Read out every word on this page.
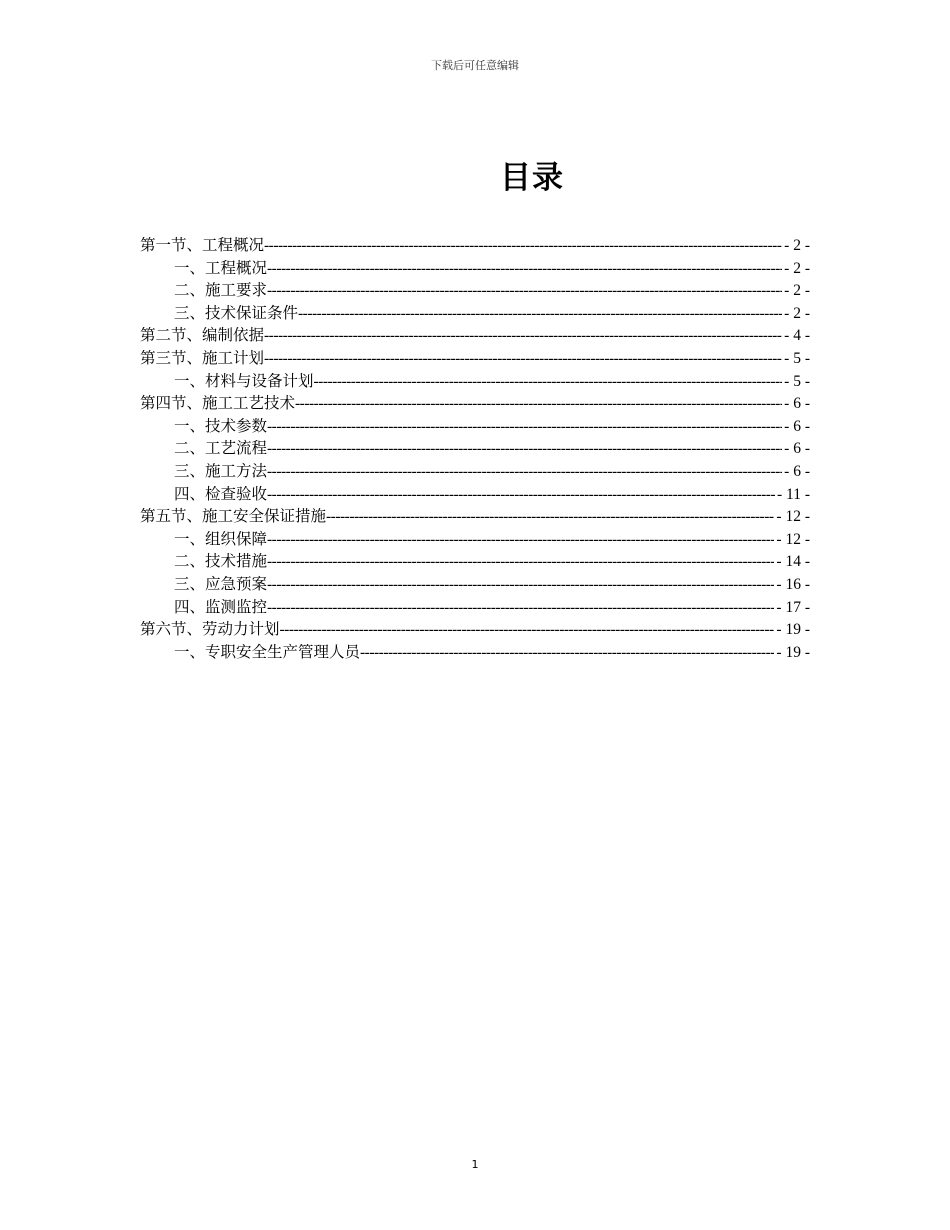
下载后可任意编辑
目录
第一节、工程概况 -----	- 2 -
一、工程概况 -----	- 2 -
二、施工要求 -----	- 2 -
三、技术保证条件 -----	- 2 -
第二节、编制依据 -----	- 4 -
第三节、施工计划 -----	- 5 -
一、材料与设备计划 -----	- 5 -
第四节、施工工艺技术 -----	- 6 -
一、技术参数 -----	- 6 -
二、工艺流程 -----	- 6 -
三、施工方法 -----	- 6 -
四、检查验收 -----	- 11 -
第五节、施工安全保证措施 -----	- 12 -
一、组织保障 -----	- 12 -
二、技术措施 -----	- 14 -
三、应急预案 -----	- 16 -
四、监测监控 -----	- 17 -
第六节、劳动力计划 -----	- 19 -
一、专职安全生产管理人员 -----	- 19 -
1
